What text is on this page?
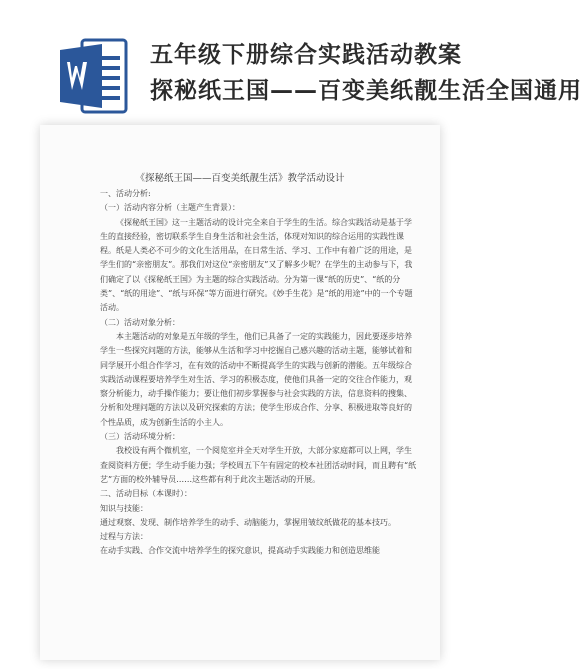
五年级下册综合实践活动教案
探秘纸王国——百变美纸靓生活全国通用
《探秘纸王国——百变美纸靓生活》教学活动设计

一、活动分析:

（一）活动内容分析（主题产生背景）：

《探秘纸王国》这一主题活动的设计完全来自于学生的生活。综合实践活动是基于学生的直接经验，密切联系学生自身生活和社会生活，体现对知识的综合运用的实践性课程。纸是人类必不可少的文化生活用品，在日常生活、学习、工作中有着广泛的用途，是学生们的“亲密朋友”。那我们对这位“亲密朋友”又了解多少呢？在学生的主动参与下，我们确定了以《探秘纸王国》为主题的综合实践活动。分为第一课“纸的历史”、“纸的分类”、“纸的用途”、“纸与环保”等方面进行研究。《妙手生花》是“纸的用途”中的一个专题活动。

（二）活动对象分析：

本主题活动的对象是五年级的学生，他们已具备了一定的实践能力，因此要逐步培养学生一些探究问题的方法，能够从生活和学习中挖掘自己感兴趣的活动主题，能够试着和同学展开小组合作学习，在有效的活动中不断提高学生的实践与创新的潜能。五年级综合实践活动课程要培养学生对生活、学习的积极态度，使他们具备一定的交往合作能力，观察分析能力，动手操作能力；要让他们初步掌握参与社会实践的方法，信息资料的搜集、分析和处理问题的方法以及研究探索的方法；使学生形成合作、分享、积极进取等良好的个性品质，成为创新生活的小主人。

（三）活动环境分析：

我校设有两个微机室，一个阅览室并全天对学生开放，大部分家庭都可以上网，学生查阅资料方便；学生动手能力强；学校周五下午有固定的校本社团活动时间，而且聘有“纸艺”方面的校外辅导员……这些都有利于此次主题活动的开展。

二、活动目标（本课时）：

知识与技能：

通过观察、发现、制作培养学生的动手、动脑能力，掌握用皱纹纸做花的基本技巧。

过程与方法：

在动手实践、合作交流中培养学生的探究意识，提高动手实践能力和创造思维能
